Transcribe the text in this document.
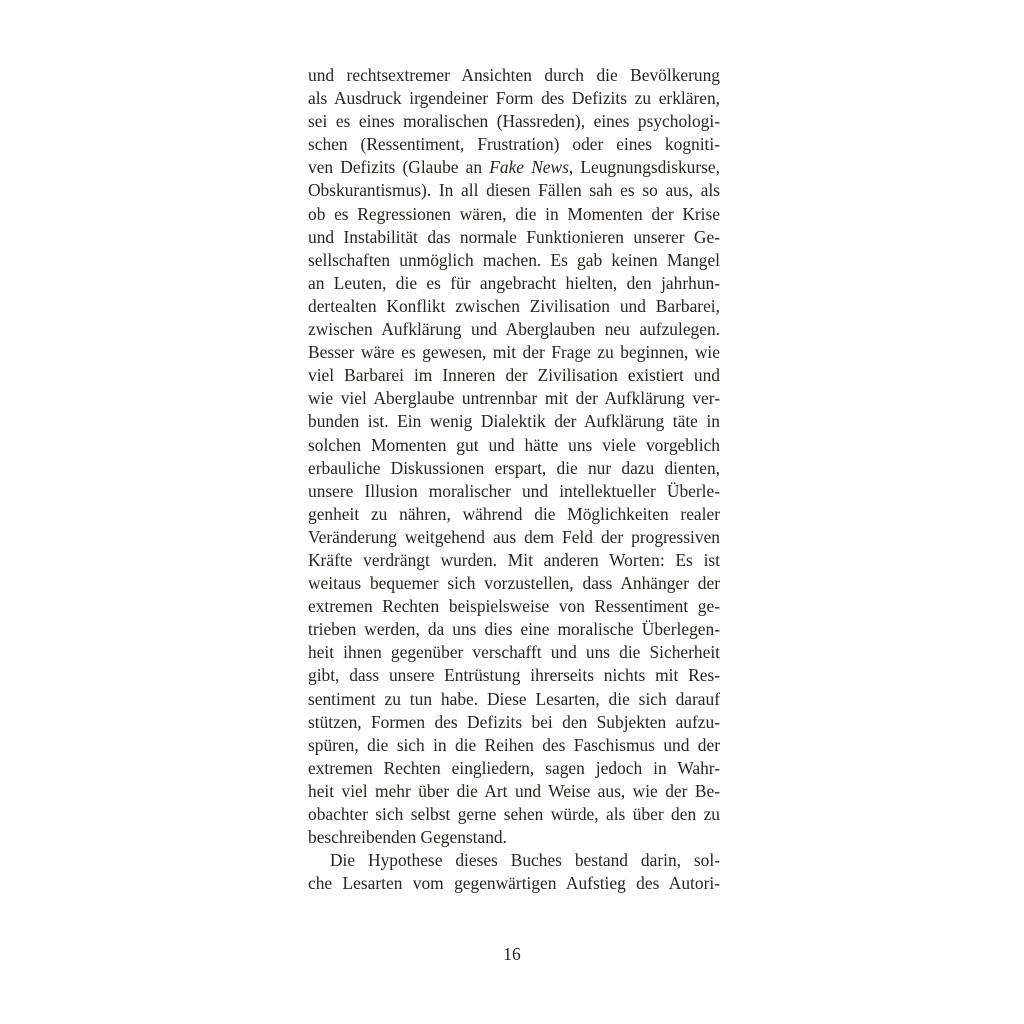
und rechtsextremer Ansichten durch die Bevölkerung
als Ausdruck irgendeiner Form des Defizits zu erklären,
sei es eines moralischen (Hassreden), eines psychologi-
schen (Ressentiment, Frustration) oder eines kogniti-
ven Defizits (Glaube an Fake News, Leugnungsdiskurse,
Obskurantismus). In all diesen Fällen sah es so aus, als
ob es Regressionen wären, die in Momenten der Krise
und Instabilität das normale Funktionieren unserer Ge-
sellschaften unmöglich machen. Es gab keinen Mangel
an Leuten, die es für angebracht hielten, den jahrhun-
dertealten Konflikt zwischen Zivilisation und Barbarei,
zwischen Aufklärung und Aberglauben neu aufzulegen.
Besser wäre es gewesen, mit der Frage zu beginnen, wie
viel Barbarei im Inneren der Zivilisation existiert und
wie viel Aberglaube untrennbar mit der Aufklärung ver-
bunden ist. Ein wenig Dialektik der Aufklärung täte in
solchen Momenten gut und hätte uns viele vorgeblich
erbauliche Diskussionen erspart, die nur dazu dienten,
unsere Illusion moralischer und intellektueller Überle-
genheit zu nähren, während die Möglichkeiten realer
Veränderung weitgehend aus dem Feld der progressiven
Kräfte verdrängt wurden. Mit anderen Worten: Es ist
weitaus bequemer sich vorzustellen, dass Anhänger der
extremen Rechten beispielsweise von Ressentiment ge-
trieben werden, da uns dies eine moralische Überlegen-
heit ihnen gegenüber verschafft und uns die Sicherheit
gibt, dass unsere Entrüstung ihrerseits nichts mit Res-
sentiment zu tun habe. Diese Lesarten, die sich darauf
stützen, Formen des Defizits bei den Subjekten aufzu-
spüren, die sich in die Reihen des Faschismus und der
extremen Rechten eingliedern, sagen jedoch in Wahr-
heit viel mehr über die Art und Weise aus, wie der Be-
obachter sich selbst gerne sehen würde, als über den zu
beschreibenden Gegenstand.
Die Hypothese dieses Buches bestand darin, sol-
che Lesarten vom gegenwärtigen Aufstieg des Autori-
16
